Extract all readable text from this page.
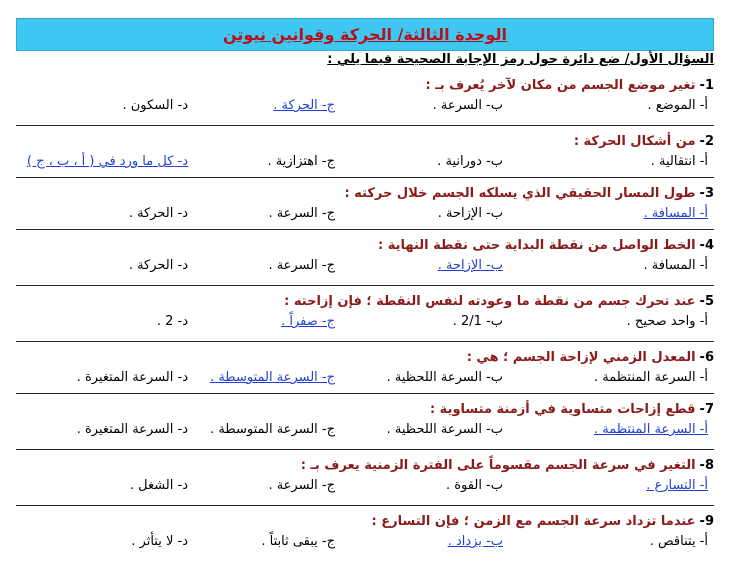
الوحدة الثالثة/ الحركة وقوانين نيوتن
السؤال الأول/ ضع دائرة حول رمز الإجابة الصحيحة فيما يلي :
1-
تغير موضع الجسم من مكان لآخر يُعرف بـ :
أ- الموضع .
ب- السرعة .
ج- الحركة .
د- السكون .
2-
من أشكال الحركة :
أ- انتقالية .
ب- دورانية .
ج- اهتزازية .
د- كل ما ورد في ( أ ، ب ، ج )
3-
طول المسار الحقيقي الذي يسلكه الجسم خلال حركته :
أ- المسافة .
ب- الإزاحة .
ج- السرعة .
د- الحركة .
4-
الخط الواصل من نقطة البداية حتى نقطة النهاية :
أ- المسافة .
ب- الإزاحة .
ج- السرعة .
د- الحركة .
5-
عند تحرك جسم من نقطة ما وعودته لنفس النقطة ؛ فإن إزاحته :
أ- واحد صحيح .
ب- 2/1 .
ج- صفراً .
د- 2 .
6-
المعدل الزمني لإزاحة الجسم ؛ هي :
أ- السرعة المنتظمة .
ب- السرعة اللحظية .
ج- السرعة المتوسطة .
د- السرعة المتغيرة .
7-
قطع إزاحات متساوية في أزمنة متساوية :
أ- السرعة المنتظمة .
ب- السرعة اللحظية .
ج- السرعة المتوسطة .
د- السرعة المتغيرة .
8-
التغير في سرعة الجسم مقسوماً على الفترة الزمنية يعرف بـ :
أ- التسارع .
ب- القوة .
ج- السرعة .
د- الشغل .
9-
عندما تزداد سرعة الجسم مع الزمن ؛ فإن التسارع :
أ- يتناقص .
ب- يزداد .
ج- يبقى ثابتاً .
د- لا يتأثر .
